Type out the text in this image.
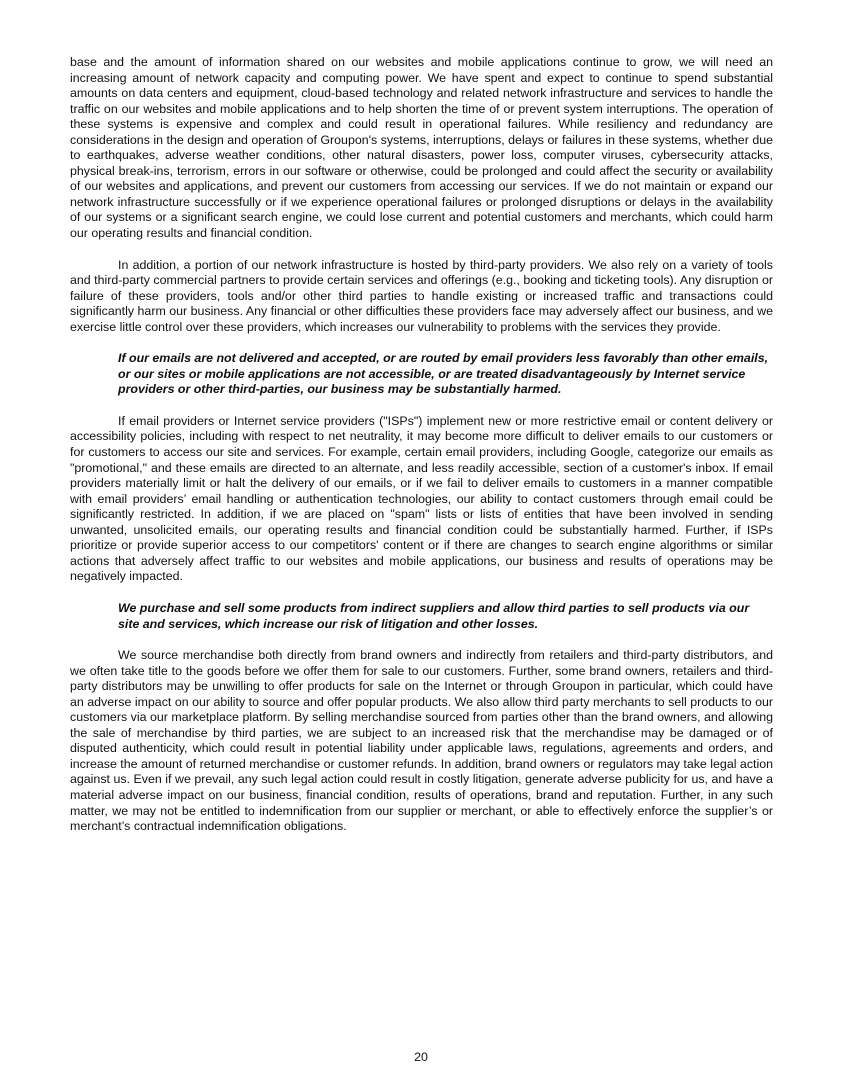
base and the amount of information shared on our websites and mobile applications continue to grow, we will need an increasing amount of network capacity and computing power. We have spent and expect to continue to spend substantial amounts on data centers and equipment, cloud-based technology and related network infrastructure and services to handle the traffic on our websites and mobile applications and to help shorten the time of or prevent system interruptions. The operation of these systems is expensive and complex and could result in operational failures. While resiliency and redundancy are considerations in the design and operation of Groupon's systems, interruptions, delays or failures in these systems, whether due to earthquakes, adverse weather conditions, other natural disasters, power loss, computer viruses, cybersecurity attacks, physical break-ins, terrorism, errors in our software or otherwise, could be prolonged and could affect the security or availability of our websites and applications, and prevent our customers from accessing our services. If we do not maintain or expand our network infrastructure successfully or if we experience operational failures or prolonged disruptions or delays in the availability of our systems or a significant search engine, we could lose current and potential customers and merchants, which could harm our operating results and financial condition.

In addition, a portion of our network infrastructure is hosted by third-party providers. We also rely on a variety of tools and third-party commercial partners to provide certain services and offerings (e.g., booking and ticketing tools). Any disruption or failure of these providers, tools and/or other third parties to handle existing or increased traffic and transactions could significantly harm our business. Any financial or other difficulties these providers face may adversely affect our business, and we exercise little control over these providers, which increases our vulnerability to problems with the services they provide.

If our emails are not delivered and accepted, or are routed by email providers less favorably than other emails, or our sites or mobile applications are not accessible, or are treated disadvantageously by Internet service providers or other third-parties, our business may be substantially harmed.

If email providers or Internet service providers ("ISPs") implement new or more restrictive email or content delivery or accessibility policies, including with respect to net neutrality, it may become more difficult to deliver emails to our customers or for customers to access our site and services. For example, certain email providers, including Google, categorize our emails as "promotional," and these emails are directed to an alternate, and less readily accessible, section of a customer's inbox. If email providers materially limit or halt the delivery of our emails, or if we fail to deliver emails to customers in a manner compatible with email providers’ email handling or authentication technologies, our ability to contact customers through email could be significantly restricted. In addition, if we are placed on "spam" lists or lists of entities that have been involved in sending unwanted, unsolicited emails, our operating results and financial condition could be substantially harmed. Further, if ISPs prioritize or provide superior access to our competitors' content or if there are changes to search engine algorithms or similar actions that adversely affect traffic to our websites and mobile applications, our business and results of operations may be negatively impacted.

We purchase and sell some products from indirect suppliers and allow third parties to sell products via our site and services, which increase our risk of litigation and other losses.

We source merchandise both directly from brand owners and indirectly from retailers and third-party distributors, and we often take title to the goods before we offer them for sale to our customers. Further, some brand owners, retailers and third- party distributors may be unwilling to offer products for sale on the Internet or through Groupon in particular, which could have an adverse impact on our ability to source and offer popular products. We also allow third party merchants to sell products to our customers via our marketplace platform. By selling merchandise sourced from parties other than the brand owners, and allowing the sale of merchandise by third parties, we are subject to an increased risk that the merchandise may be damaged or of disputed authenticity, which could result in potential liability under applicable laws, regulations, agreements and orders, and increase the amount of returned merchandise or customer refunds. In addition, brand owners or regulators may take legal action against us. Even if we prevail, any such legal action could result in costly litigation, generate adverse publicity for us, and have a material adverse impact on our business, financial condition, results of operations, brand and reputation. Further, in any such matter, we may not be entitled to indemnification from our supplier or merchant, or able to effectively enforce the supplier’s or merchant’s contractual indemnification obligations.

20
